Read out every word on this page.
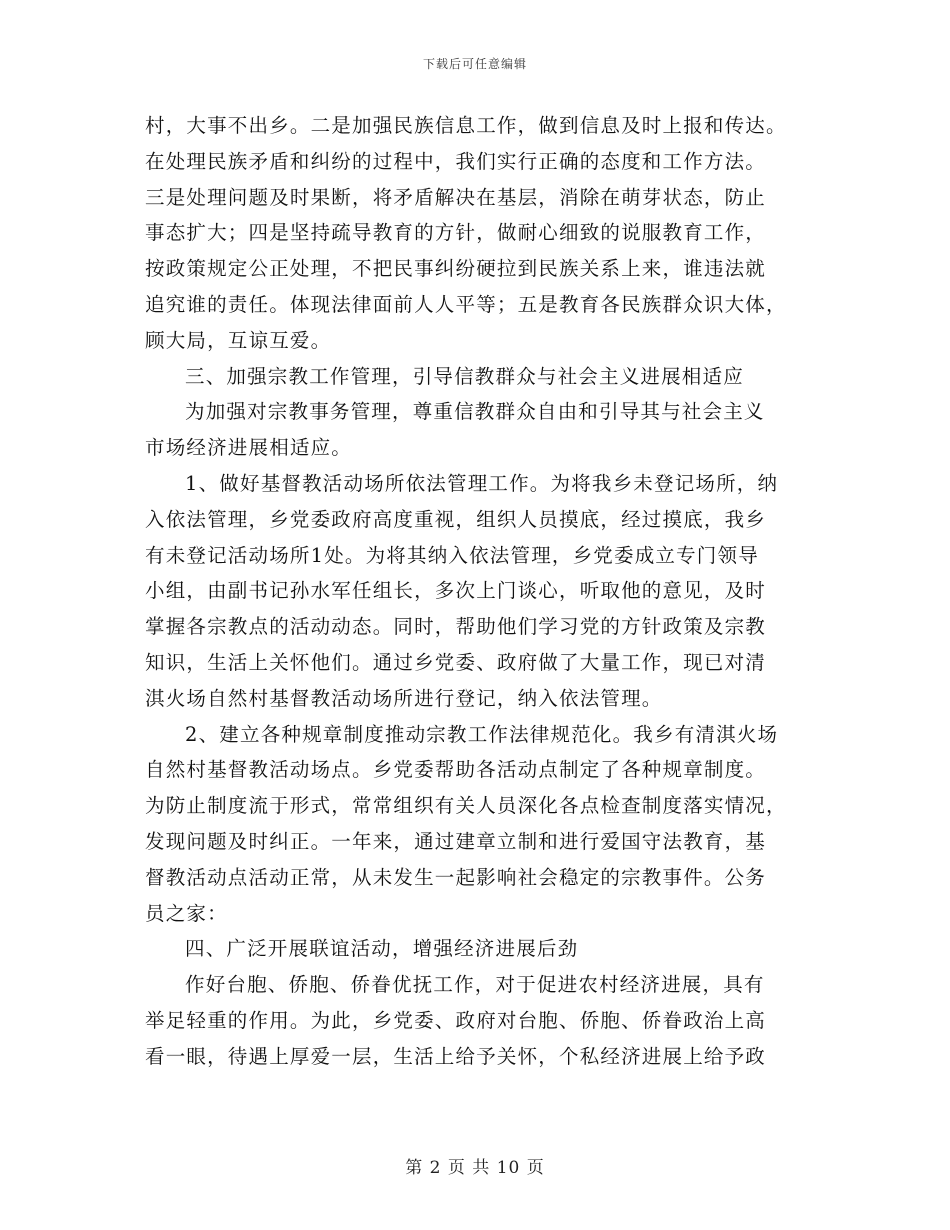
下载后可任意编辑
村，大事不出乡。二是加强民族信息工作，做到信息及时上报和传达。
在处理民族矛盾和纠纷的过程中，我们实行正确的态度和工作方法。
三是处理问题及时果断，将矛盾解决在基层，消除在萌芽状态，防止
事态扩大；四是坚持疏导教育的方针，做耐心细致的说服教育工作，
按政策规定公正处理，不把民事纠纷硬拉到民族关系上来，谁违法就
追究谁的责任。体现法律面前人人平等；五是教育各民族群众识大体，
顾大局，互谅互爱。
三、加强宗教工作管理，引导信教群众与社会主义进展相适应
为加强对宗教事务管理，尊重信教群众自由和引导其与社会主义
市场经济进展相适应。
1、做好基督教活动场所依法管理工作。为将我乡未登记场所，纳
入依法管理，乡党委政府高度重视，组织人员摸底，经过摸底，我乡
有未登记活动场所1处。为将其纳入依法管理，乡党委成立专门领导
小组，由副书记孙水军任组长，多次上门谈心，听取他的意见，及时
掌握各宗教点的活动动态。同时，帮助他们学习党的方针政策及宗教
知识，生活上关怀他们。通过乡党委、政府做了大量工作，现已对清
淇火场自然村基督教活动场所进行登记，纳入依法管理。
2、建立各种规章制度推动宗教工作法律规范化。我乡有清淇火场
自然村基督教活动场点。乡党委帮助各活动点制定了各种规章制度。
为防止制度流于形式，常常组织有关人员深化各点检查制度落实情况，
发现问题及时纠正。一年来，通过建章立制和进行爱国守法教育，基
督教活动点活动正常，从未发生一起影响社会稳定的宗教事件。公务
员之家：
四、广泛开展联谊活动，增强经济进展后劲
作好台胞、侨胞、侨眷优抚工作，对于促进农村经济进展，具有
举足轻重的作用。为此，乡党委、政府对台胞、侨胞、侨眷政治上高
看一眼，待遇上厚爱一层，生活上给予关怀，个私经济进展上给予政
第 2 页 共 10 页
